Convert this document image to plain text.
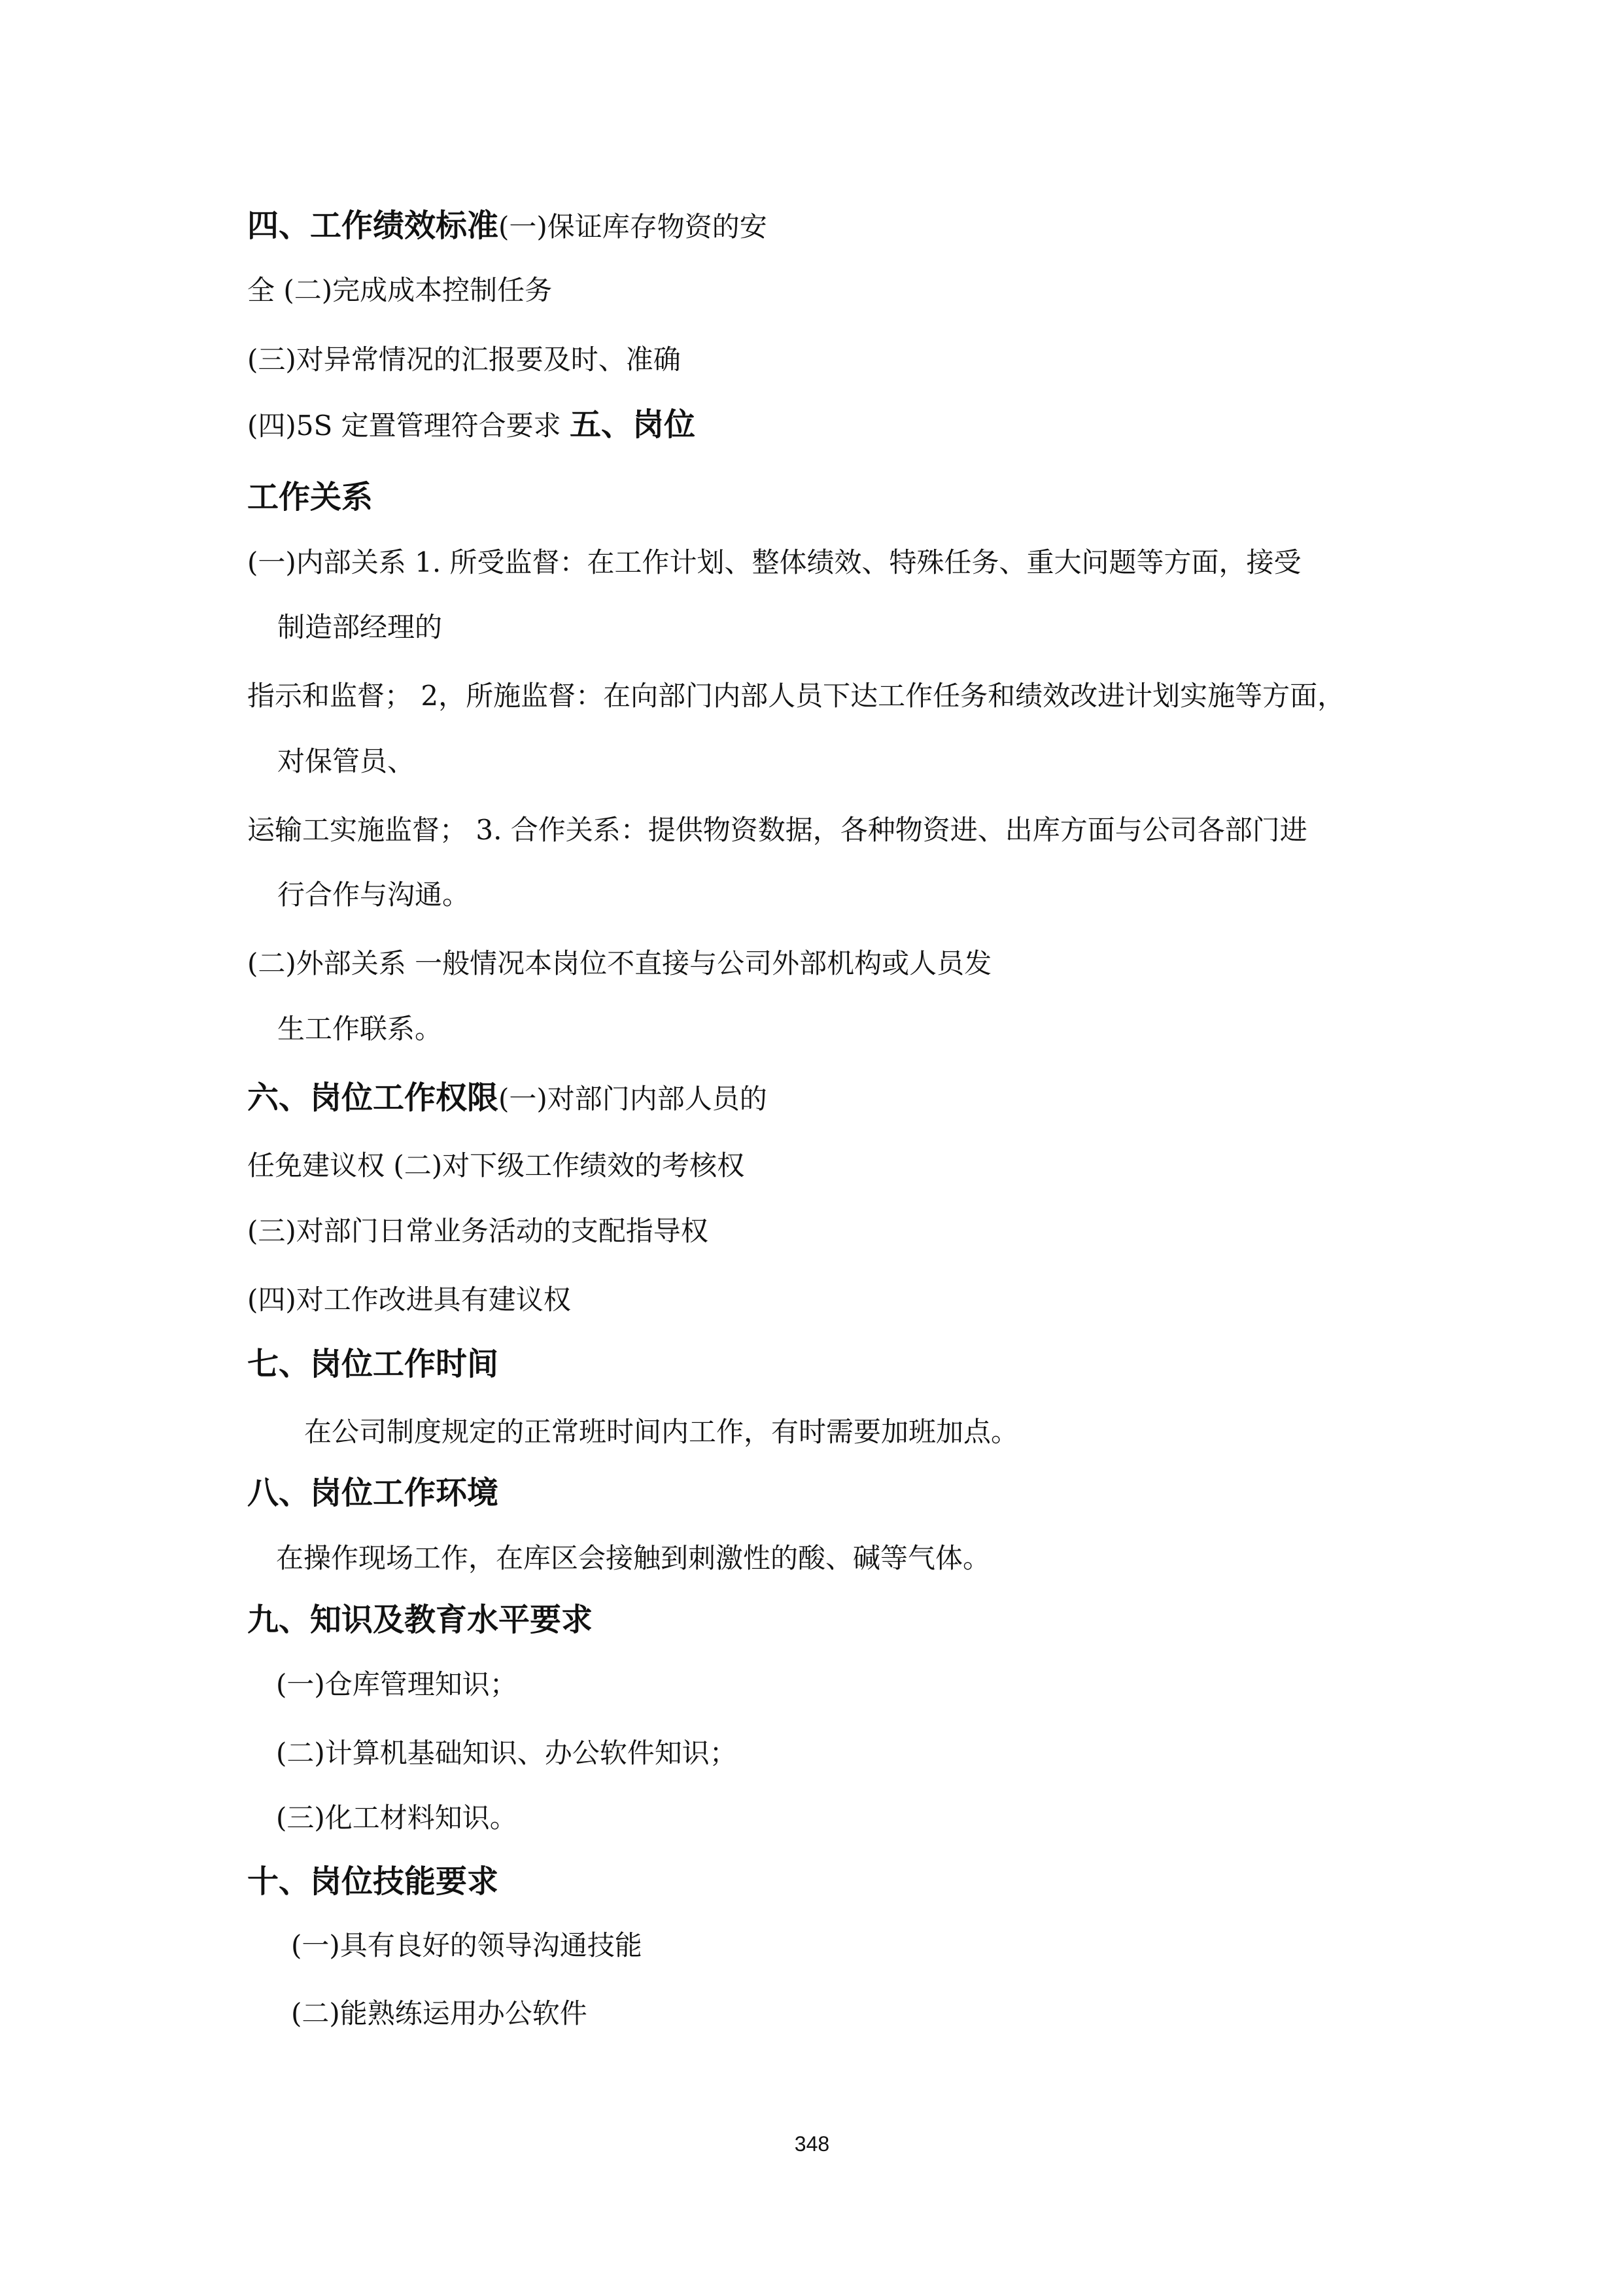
四、工作绩效标准(一)保证库存物资的安
全 (二)完成成本控制任务
(三)对异常情况的汇报要及时、准确
(四)5S 定置管理符合要求 五、岗位
工作关系
(一)内部关系 1. 所受监督：在工作计划、整体绩效、特殊任务、重大问题等方面，接受
制造部经理的
指示和监督； 2，所施监督：在向部门内部人员下达工作任务和绩效改进计划实施等方面，
对保管员、
运输工实施监督； 3. 合作关系：提供物资数据，各种物资进、出库方面与公司各部门进
行合作与沟通。
(二)外部关系 一般情况本岗位不直接与公司外部机构或人员发
生工作联系。
六、岗位工作权限(一)对部门内部人员的
任免建议权 (二)对下级工作绩效的考核权
(三)对部门日常业务活动的支配指导权
(四)对工作改进具有建议权
七、岗位工作时间
在公司制度规定的正常班时间内工作，有时需要加班加点。
八、岗位工作环境
在操作现场工作，在库区会接触到刺激性的酸、碱等气体。
九、知识及教育水平要求
(一)仓库管理知识；
(二)计算机基础知识、办公软件知识；
(三)化工材料知识。
十、岗位技能要求
(一)具有良好的领导沟通技能
(二)能熟练运用办公软件
348
